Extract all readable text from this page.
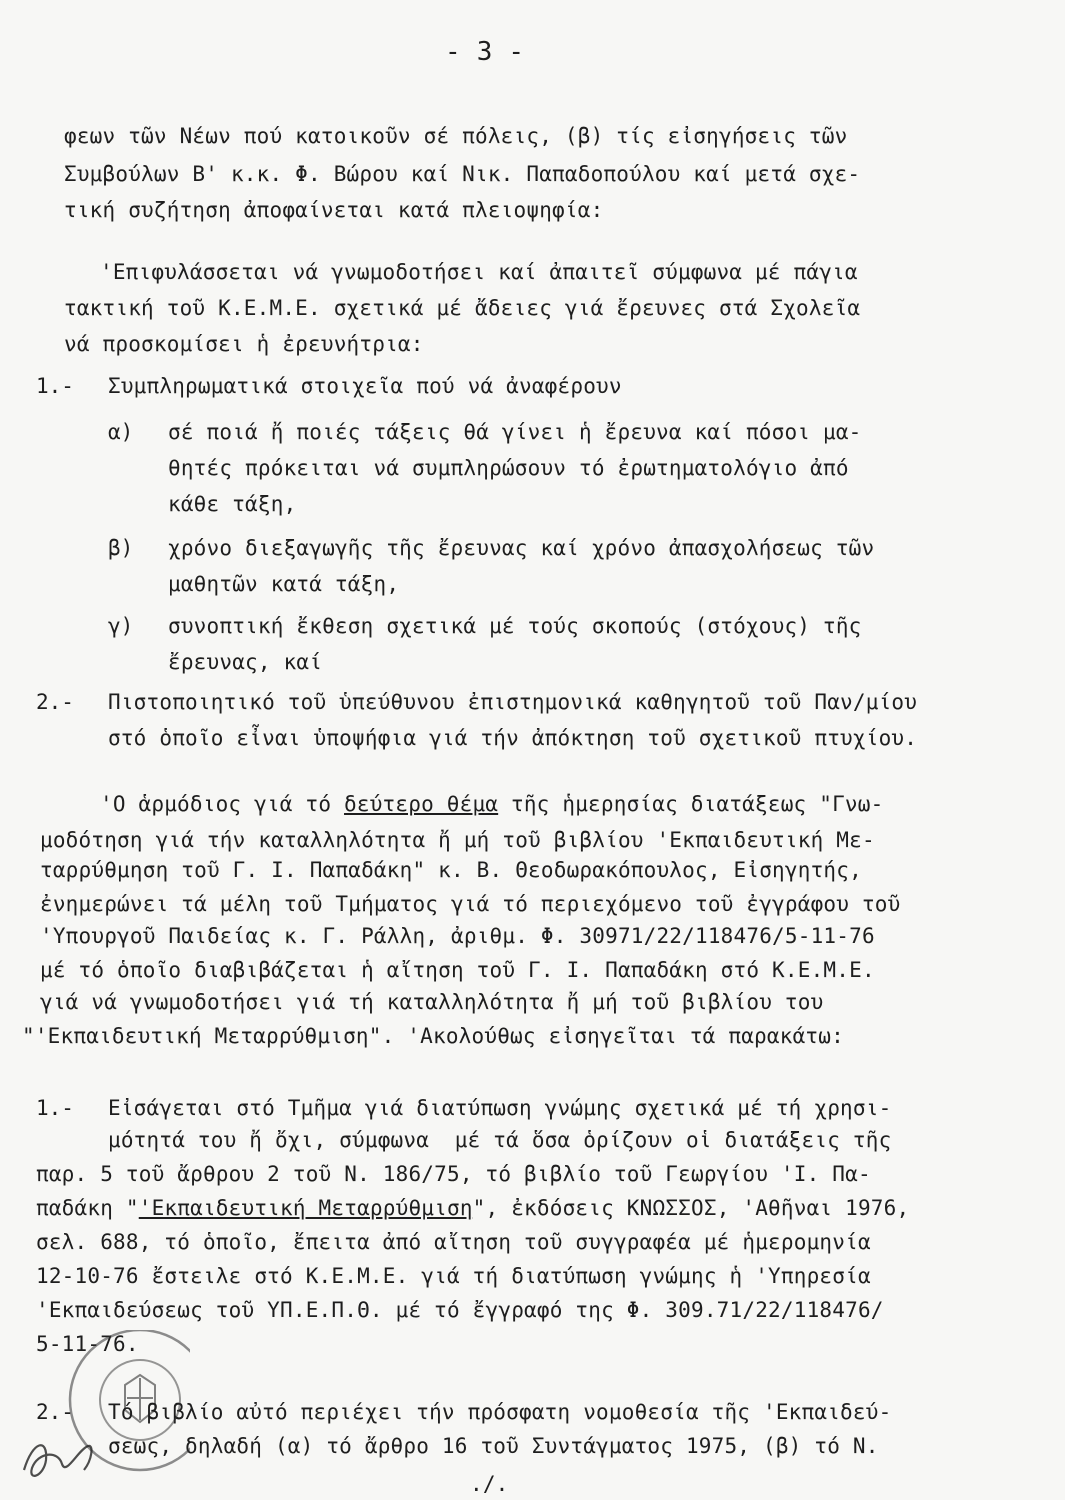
- 3 -
φεων τῶν Νέων πού κατοικοῦν σέ πόλεις, (β) τίς εἰσηγήσεις τῶν
Συμβούλων Β' κ.κ. Φ. Βώρου καί Νικ. Παπαδοπούλου καί μετά σχε-
τική συζήτηση ἀποφαίνεται κατά πλειοψηφία:
'Επιφυλάσσεται νά γνωμοδοτήσει καί ἀπαιτεῖ σύμφωνα μέ πάγια
τακτική τοῦ Κ.Ε.Μ.Ε. σχετικά μέ ἄδειες γιά ἔρευνες στά Σχολεῖα
νά προσκομίσει ἡ ἐρευνήτρια:
1.- Συμπληρωματικά στοιχεῖα πού νά ἀναφέρουν
α) σέ ποιά ἤ ποιές τάξεις θά γίνει ἡ ἔρευνα καί πόσοι μα-
θητές πρόκειται νά συμπληρώσουν τό ἐρωτηματολόγιο ἀπό
κάθε τάξη,
β) χρόνο διεξαγωγῆς τῆς ἔρευνας καί χρόνο ἀπασχολήσεως τῶν
μαθητῶν κατά τάξη,
γ) συνοπτική ἔκθεση σχετικά μέ τούς σκοπούς (στόχους) τῆς
ἔρευνας, καί
2.- Πιστοποιητικό τοῦ ὑπεύθυνου ἐπιστημονικά καθηγητοῦ τοῦ Παν/μίου
στό ὁποῖο εἶναι ὑποψήφια γιά τήν ἀπόκτηση τοῦ σχετικοῦ πτυχίου.
'Ο ἁρμόδιος γιά τό δεύτερο θέμα τῆς ἡμερησίας διατάξεως "Γνω-
μοδότηση γιά τήν καταλληλότητα ἤ μή τοῦ βιβλίου 'Εκπαιδευτική Με-
ταρρύθμηση τοῦ Γ. Ι. Παπαδάκη" κ. Β. Θεοδωρακόπουλος, Εἰσηγητής,
ἐνημερώνει τά μέλη τοῦ Τμήματος γιά τό περιεχόμενο τοῦ ἐγγράφου τοῦ
'Υπουργοῦ Παιδείας κ. Γ. Ράλλη, ἀριθμ. Φ. 30971/22/118476/5-11-76
μέ τό ὁποῖο διαβιβάζεται ἡ αἴτηση τοῦ Γ. Ι. Παπαδάκη στό Κ.Ε.Μ.Ε.
γιά νά γνωμοδοτήσει γιά τή καταλληλότητα ἤ μή τοῦ βιβλίου του
"'Εκπαιδευτική Μεταρρύθμιση". 'Ακολούθως εἰσηγεῖται τά παρακάτω:
1.- Εἰσάγεται στό Τμῆμα γιά διατύπωση γνώμης σχετικά μέ τή χρησι-
μότητά του ἤ ὄχι, σύμφωνα  μέ τά ὅσα ὁρίζουν οἱ διατάξεις τῆς
παρ. 5 τοῦ ἄρθρου 2 τοῦ Ν. 186/75, τό βιβλίο τοῦ Γεωργίου 'Ι. Πα-
παδάκη "'Εκπαιδευτική Μεταρρύθμιση", ἐκδόσεις ΚΝΩΣΣΟΣ, 'Αθῆναι 1976,
σελ. 688, τό ὁποῖο, ἔπειτα ἀπό αἴτηση τοῦ συγγραφέα μέ ἡμερομηνία
12-10-76 ἔστειλε στό Κ.Ε.Μ.Ε. γιά τή διατύπωση γνώμης ἡ 'Υπηρεσία
'Εκπαιδεύσεως τοῦ ΥΠ.Ε.Π.Θ. μέ τό ἔγγραφό της Φ. 309.71/22/118476/
5-11-76.
2.- Τό βιβλίο αὐτό περιέχει τήν πρόσφατη νομοθεσία τῆς 'Εκπαιδεύ-
σεως, δηλαδή (α) τό ἄρθρο 16 τοῦ Συντάγματος 1975, (β) τό Ν.
./.
